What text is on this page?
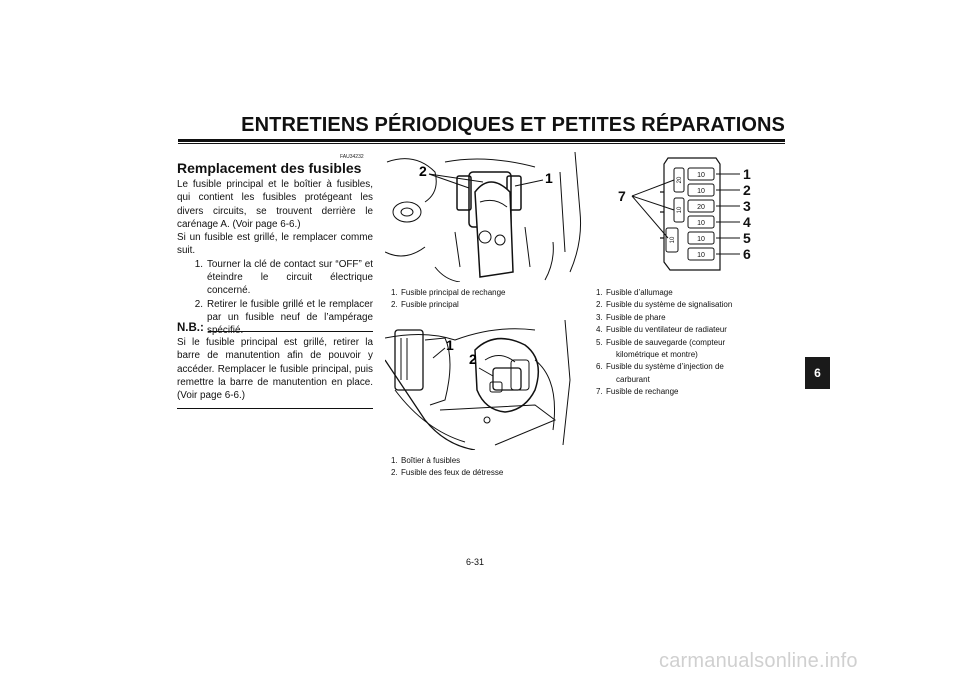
ENTRETIENS PÉRIODIQUES ET PETITES RÉPARATIONS
FAU34232
Remplacement des fusibles

Le fusible principal et le boîtier à fusibles, qui contient les fusibles protégeant les divers circuits, se trouvent derrière le carénage A. (Voir page 6-6.)

Si un fusible est grillé, le remplacer comme suit.

1. Tourner la clé de contact sur “OFF” et éteindre le circuit électrique concerné.
2. Retirer le fusible grillé et le remplacer par un fusible neuf de l’ampérage spécifié.
N.B.:
Si le fusible principal est grillé, retirer la barre de manutention afin de pouvoir y accéder. Remplacer le fusible principal, puis remettre la barre de manutention en place. (Voir page 6-6.)
2	1
1. Fusible principal de rechange
2. Fusible principal
1
2
1. Boîtier à fusibles
2. Fusible des feux de détresse
10
10
20
10
10
10
20
10
10
1
2
3
4
5
6
7
1. Fusible d’allumage
2. Fusible du système de signalisation
3. Fusible de phare
4. Fusible du ventilateur de radiateur
5. Fusible de sauvegarde (compteur
kilométrique et montre)
6. Fusible du système d’injection de
carburant
7. Fusible de rechange
6
6-31
carmanualsonline.info
